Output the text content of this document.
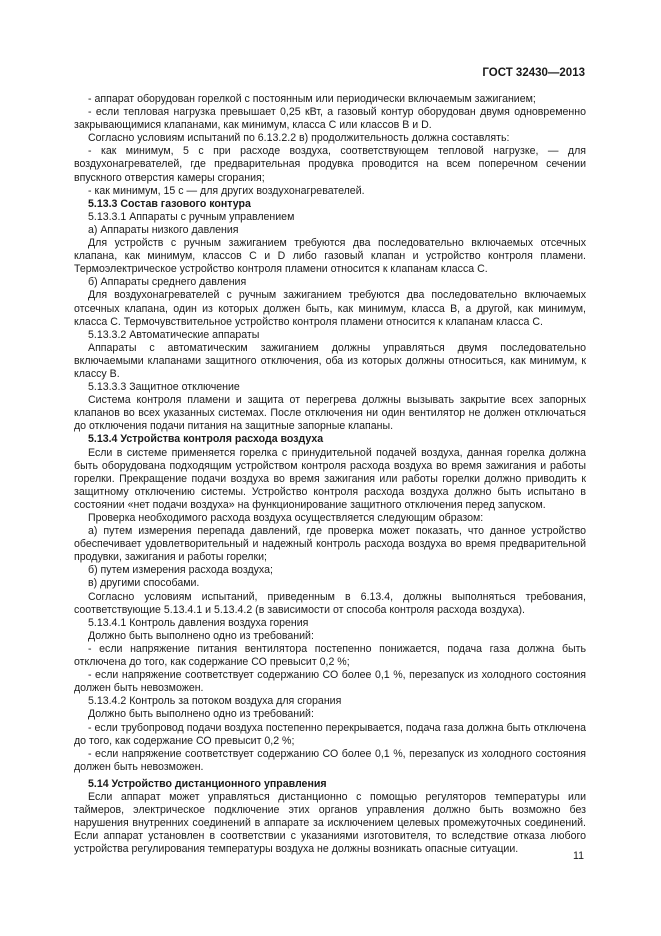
ГОСТ 32430—2013

- аппарат оборудован горелкой с постоянным или периодически включаемым зажиганием;

- если тепловая нагрузка превышает 0,25 кВт, а газовый контур оборудован двумя одновременно закрывающимися клапанами, как минимум, класса С или классов В и D.

Согласно условиям испытаний по 6.13.2.2 в) продолжительность должна составлять:

- как минимум, 5 с при расходе воздуха, соответствующем тепловой нагрузке, — для воздухонагревателей, где предварительная продувка проводится на всем поперечном сечении впускного отверстия камеры сгорания;

- как минимум, 15 с — для других воздухонагревателей.

5.13.3 Состав газового контура

5.13.3.1 Аппараты с ручным управлением

а) Аппараты низкого давления

Для устройств с ручным зажиганием требуются два последовательно включаемых отсечных клапана, как минимум, классов С и D либо газовый клапан и устройство контроля пламени. Термоэлектрическое устройство контроля пламени относится к клапанам класса С.

б) Аппараты среднего давления

Для воздухонагревателей с ручным зажиганием требуются два последовательно включаемых отсечных клапана, один из которых должен быть, как минимум, класса В, а другой, как минимум, класса С. Термочувствительное устройство контроля пламени относится к клапанам класса С.

5.13.3.2 Автоматические аппараты

Аппараты с автоматическим зажиганием должны управляться двумя последовательно включаемыми клапанами защитного отключения, оба из которых должны относиться, как минимум, к классу В.

5.13.3.3 Защитное отключение

Система контроля пламени и защита от перегрева должны вызывать закрытие всех запорных клапанов во всех указанных системах. После отключения ни один вентилятор не должен отключаться до отключения подачи питания на защитные запорные клапаны.

5.13.4 Устройства контроля расхода воздуха

Если в системе применяется горелка с принудительной подачей воздуха, данная горелка должна быть оборудована подходящим устройством контроля расхода воздуха во время зажигания и работы горелки. Прекращение подачи воздуха во время зажигания или работы горелки должно приводить к защитному отключению системы. Устройство контроля расхода воздуха должно быть испытано в состоянии «нет подачи воздуха» на функционирование защитного отключения перед запуском.

Проверка необходимого расхода воздуха осуществляется следующим образом:

а) путем измерения перепада давлений, где проверка может показать, что данное устройство обеспечивает удовлетворительный и надежный контроль расхода воздуха во время предварительной продувки, зажигания и работы горелки;

б) путем измерения расхода воздуха;

в) другими способами.

Согласно условиям испытаний, приведенным в 6.13.4, должны выполняться требования, соответствующие 5.13.4.1 и 5.13.4.2 (в зависимости от способа контроля расхода воздуха).

5.13.4.1 Контроль давления воздуха горения

Должно быть выполнено одно из требований:

- если напряжение питания вентилятора постепенно понижается, подача газа должна быть отключена до того, как содержание СО превысит 0,2 %;

- если напряжение соответствует содержанию СО более 0,1 %, перезапуск из холодного состояния должен быть невозможен.

5.13.4.2 Контроль за потоком воздуха для сгорания

Должно быть выполнено одно из требований:

- если трубопровод подачи воздуха постепенно перекрывается, подача газа должна быть отключена до того, как содержание СО превысит 0,2 %;

- если напряжение соответствует содержанию СО более 0,1 %, перезапуск из холодного состояния должен быть невозможен.

5.14 Устройство дистанционного управления

Если аппарат может управляться дистанционно с помощью регуляторов температуры или таймеров, электрическое подключение этих органов управления должно быть возможно без нарушения внутренних соединений в аппарате за исключением целевых промежуточных соединений. Если аппарат установлен в соответствии с указаниями изготовителя, то вследствие отказа любого устройства регулирования температуры воздуха не должны возникать опасные ситуации.

11
